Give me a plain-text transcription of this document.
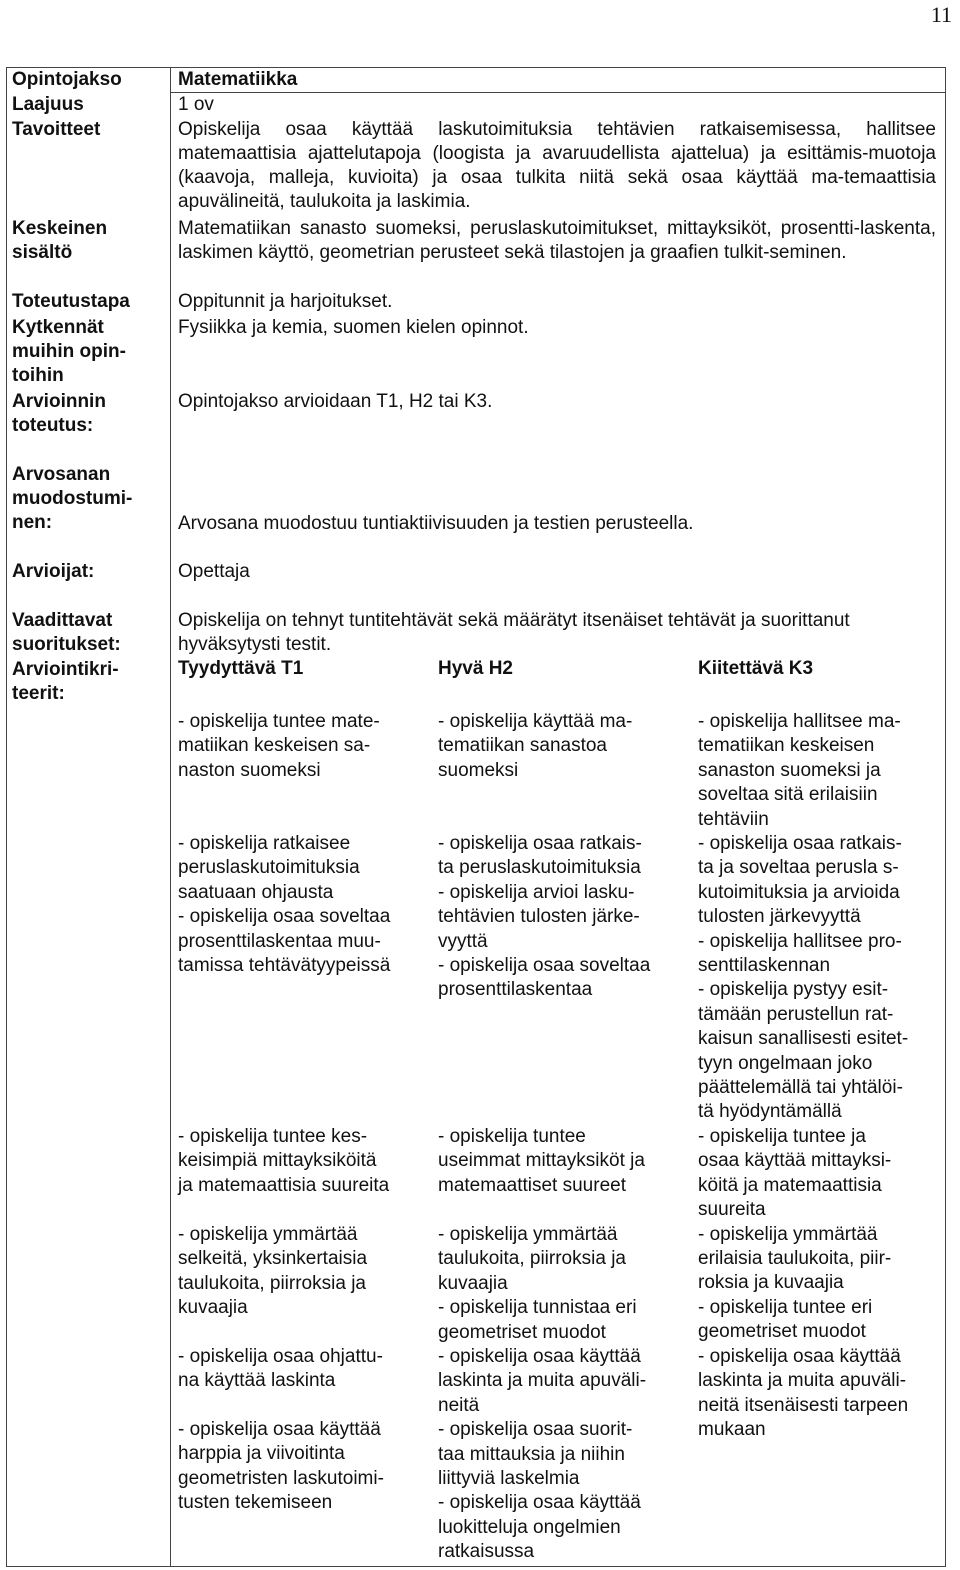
11
Opintojakso
Laajuus
Tavoitteet
Keskeinen
sisältö
Toteutustapa
Kytkennät
muihin opin-
toihin
Arvioinnin
toteutus:
Arvosanan
muodostumi-
nen:
Arvioijat:
Vaadittavat
suoritukset:
Arviointikri-
teerit:
Matematiikka
1 ov
Opiskelija osaa käyttää laskutoimituksia tehtävien ratkaisemisessa, hallitsee matemaattisia ajattelutapoja (loogista ja avaruudellista ajattelua) ja esittämis-muotoja (kaavoja, malleja, kuvioita) ja osaa tulkita niitä sekä osaa käyttää ma-temaattisia apuvälineitä, taulukoita ja laskimia.
Matematiikan sanasto suomeksi, peruslaskutoimitukset, mittayksiköt, prosentti-laskenta, laskimen käyttö, geometrian perusteet sekä tilastojen ja graafien tulkit-seminen.
Oppitunnit ja harjoitukset.
Fysiikka ja kemia, suomen kielen opinnot.
Opintojakso arvioidaan T1, H2 tai K3.
Arvosana muodostuu tuntiaktiivisuuden ja testien perusteella.
Opettaja
Opiskelija on tehnyt tuntitehtävät sekä määrätyt itsenäiset tehtävät ja suorittanut hyväksytysti testit.
Tyydyttävä T1	Hyvä H2	Kiitettävä K3
- opiskelija tuntee mate-
matiikan keskeisen sa-
naston suomeksi
- opiskelija ratkaisee
peruslaskutoimituksia
saatuaan ohjausta
- opiskelija osaa soveltaa
prosenttilaskentaa muu-
tamissa tehtävätyypeissä
- opiskelija tuntee kes-
keisimpiä mittayksiköitä
ja matemaattisia suureita
- opiskelija ymmärtää
selkeitä, yksinkertaisia
taulukoita, piirroksia ja
kuvaajia
- opiskelija osaa ohjattu-
na käyttää laskinta
- opiskelija osaa käyttää
harppia ja viivoitinta
geometristen laskutoimi-
tusten tekemiseen
- opiskelija käyttää ma-
tematiikan sanastoa
suomeksi
- opiskelija osaa ratkais-
ta peruslaskutoimituksia
- opiskelija arvioi lasku-
tehtävien tulosten järke-
vyyttä
- opiskelija osaa soveltaa
prosenttilaskentaa
- opiskelija tuntee
useimmat mittayksiköt ja
matemaattiset suureet
- opiskelija ymmärtää
taulukoita, piirroksia ja
kuvaajia
- opiskelija tunnistaa eri
geometriset muodot
- opiskelija osaa käyttää
laskinta ja muita apuväli-
neitä
- opiskelija osaa suorit-
taa mittauksia ja niihin
liittyviä laskelmia
- opiskelija osaa käyttää
luokitteluja ongelmien
ratkaisussa
- opiskelija hallitsee ma-
tematiikan keskeisen
sanaston suomeksi ja
soveltaa sitä erilaisiin
tehtäviin
- opiskelija osaa ratkais-
ta ja soveltaa perusla s-
kutoimituksia ja arvioida
tulosten järkevyyttä
- opiskelija hallitsee pro-
senttilaskennan
- opiskelija pystyy esit-
tämään perustellun rat-
kaisun sanallisesti esitet-
tyyn ongelmaan joko
päättelemällä tai yhtälöi-
tä hyödyntämällä
- opiskelija tuntee ja
osaa käyttää mittayksi-
köitä ja matemaattisia
suureita
- opiskelija ymmärtää
erilaisia taulukoita, piir-
roksia ja kuvaajia
- opiskelija tuntee eri
geometriset muodot
- opiskelija osaa käyttää
laskinta ja muita apuväli-
neitä itsenäisesti tarpeen
mukaan
